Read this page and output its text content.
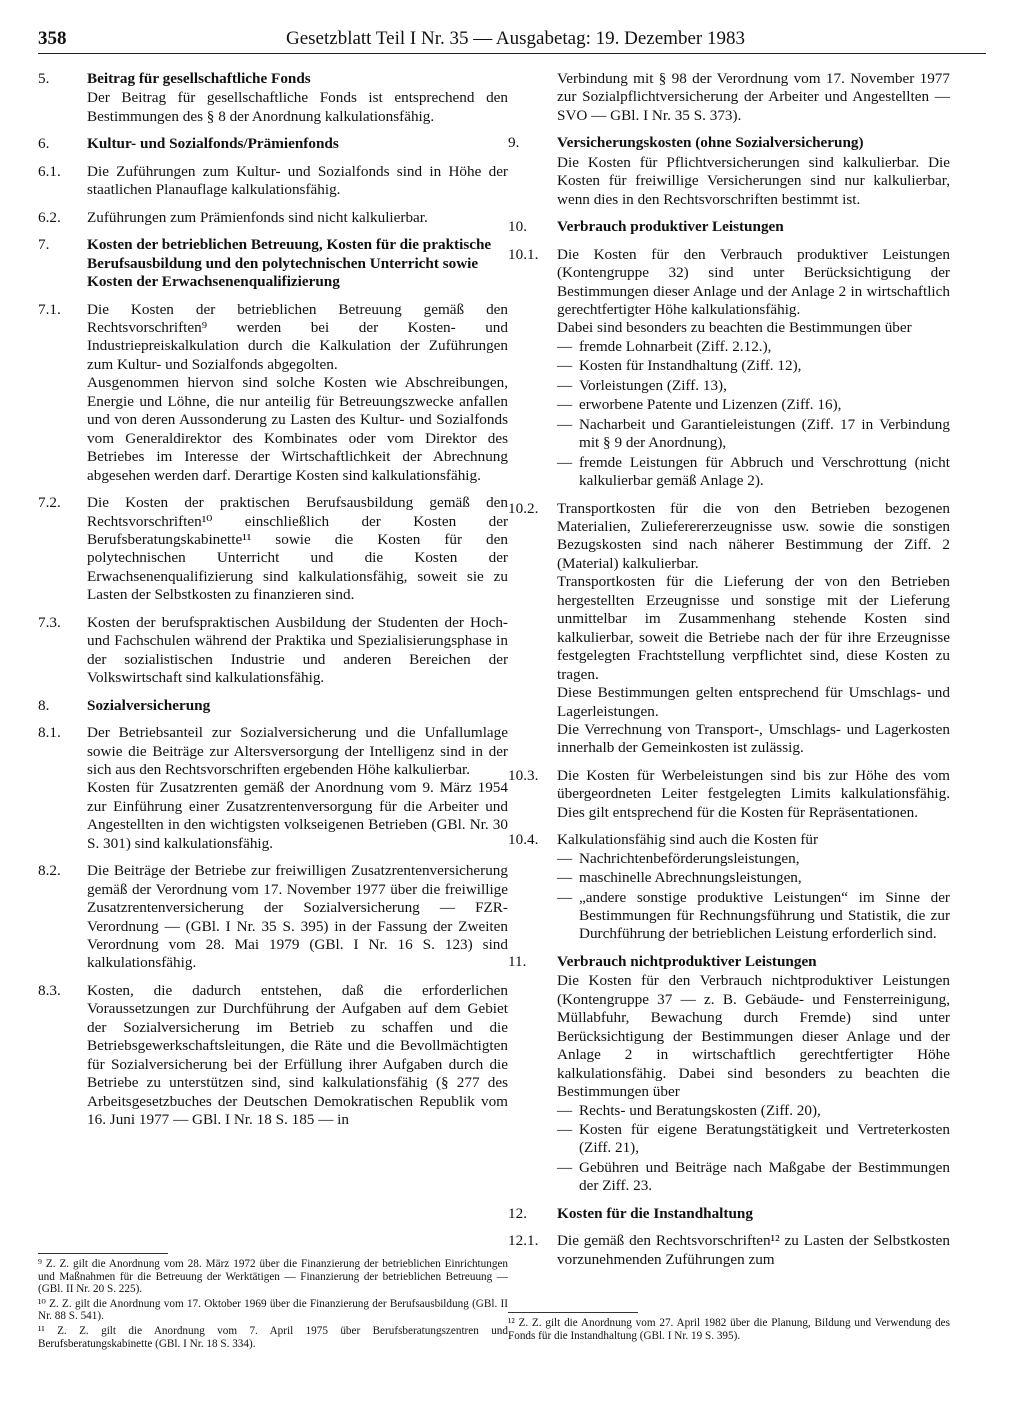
358	Gesetzblatt Teil I Nr. 35 — Ausgabetag: 19. Dezember 1983
5. Beitrag für gesellschaftliche Fonds

Der Beitrag für gesellschaftliche Fonds ist entsprechend den Bestimmungen des § 8 der Anordnung kalkulationsfähig.

6. Kultur- und Sozialfonds/Prämienfonds
6.1. Die Zuführungen zum Kultur- und Sozialfonds sind in Höhe der staatlichen Planauflage kalkulationsfähig.

6.2. Zuführungen zum Prämienfonds sind nicht kalkulierbar.

7. Kosten der betrieblichen Betreuung, Kosten für die praktische Berufsausbildung und den polytechnischen Unterricht sowie Kosten der Erwachsenenqualifizierung
7.1. Die Kosten der betrieblichen Betreuung gemäß den Rechtsvorschriften⁹ werden bei der Kosten- und Industriepreiskalkulation durch die Kalkulation der Zuführungen zum Kultur- und Sozialfonds abgegolten.

Ausgenommen hiervon sind solche Kosten wie Abschreibungen, Energie und Löhne, die nur anteilig für Betreuungszwecke anfallen und von deren Aussonderung zu Lasten des Kultur- und Sozialfonds vom Generaldirektor des Kombinates oder vom Direktor des Betriebes im Interesse der Wirtschaftlichkeit der Abrechnung abgesehen werden darf. Derartige Kosten sind kalkulationsfähig.

7.2. Die Kosten der praktischen Berufsausbildung gemäß den Rechtsvorschriften¹⁰ einschließlich der Kosten der Berufsberatungskabinette¹¹ sowie die Kosten für den polytechnischen Unterricht und die Kosten der Erwachsenenqualifizierung sind kalkulationsfähig, soweit sie zu Lasten der Selbstkosten zu finanzieren sind.

7.3. Kosten der berufspraktischen Ausbildung der Studenten der Hoch- und Fachschulen während der Praktika und Spezialisierungsphase in der sozialistischen Industrie und anderen Bereichen der Volkswirtschaft sind kalkulationsfähig.

8. Sozialversicherung
8.1. Der Betriebsanteil zur Sozialversicherung und die Unfallumlage sowie die Beiträge zur Altersversorgung der Intelligenz sind in der sich aus den Rechtsvorschriften ergebenden Höhe kalkulierbar.

Kosten für Zusatzrenten gemäß der Anordnung vom 9. März 1954 zur Einführung einer Zusatzrentenversorgung für die Arbeiter und Angestellten in den wichtigsten volkseigenen Betrieben (GBl. Nr. 30 S. 301) sind kalkulationsfähig.

8.2. Die Beiträge der Betriebe zur freiwilligen Zusatzrentenversicherung gemäß der Verordnung vom 17. November 1977 über die freiwillige Zusatzrentenversicherung der Sozialversicherung — FZR-Verordnung — (GBl. I Nr. 35 S. 395) in der Fassung der Zweiten Verordnung vom 28. Mai 1979 (GBl. I Nr. 16 S. 123) sind kalkulationsfähig.

8.3. Kosten, die dadurch entstehen, daß die erforderlichen Voraussetzungen zur Durchführung der Aufgaben auf dem Gebiet der Sozialversicherung im Betrieb zu schaffen und die Betriebsgewerkschaftsleitungen, die Räte und die Bevollmächtigten für Sozialversicherung bei der Erfüllung ihrer Aufgaben durch die Betriebe zu unterstützen sind, sind kalkulationsfähig (§ 277 des Arbeitsgesetzbuches der Deutschen Demokratischen Republik vom 16. Juni 1977 — GBl. I Nr. 18 S. 185 — in

Verbindung mit § 98 der Verordnung vom 17. November 1977 zur Sozialpflichtversicherung der Arbeiter und Angestellten — SVO — GBl. I Nr. 35 S. 373).

9. Versicherungskosten (ohne Sozialversicherung)

Die Kosten für Pflichtversicherungen sind kalkulierbar. Die Kosten für freiwillige Versicherungen sind nur kalkulierbar, wenn dies in den Rechtsvorschriften bestimmt ist.

10. Verbrauch produktiver Leistungen
10.1. Die Kosten für den Verbrauch produktiver Leistungen (Kontengruppe 32) sind unter Berücksichtigung der Bestimmungen dieser Anlage und der Anlage 2 in wirtschaftlich gerechtfertigter Höhe kalkulationsfähig.

Dabei sind besonders zu beachten die Bestimmungen über

— fremde Lohnarbeit (Ziff. 2.12.),
— Kosten für Instandhaltung (Ziff. 12),
— Vorleistungen (Ziff. 13),
— erworbene Patente und Lizenzen (Ziff. 16),
— Nacharbeit und Garantieleistungen (Ziff. 17 in Verbindung mit § 9 der Anordnung),
— fremde Leistungen für Abbruch und Verschrottung (nicht kalkulierbar gemäß Anlage 2).
10.2. Transportkosten für die von den Betrieben bezogenen Materialien, Zulieferererzeugnisse usw. sowie die sonstigen Bezugskosten sind nach näherer Bestimmung der Ziff. 2 (Material) kalkulierbar.

Transportkosten für die Lieferung der von den Betrieben hergestellten Erzeugnisse und sonstige mit der Lieferung unmittelbar im Zusammenhang stehende Kosten sind kalkulierbar, soweit die Betriebe nach der für ihre Erzeugnisse festgelegten Frachtstellung verpflichtet sind, diese Kosten zu tragen.

Diese Bestimmungen gelten entsprechend für Umschlags- und Lagerleistungen.

Die Verrechnung von Transport-, Umschlags- und Lagerkosten innerhalb der Gemeinkosten ist zulässig.

10.3. Die Kosten für Werbeleistungen sind bis zur Höhe des vom übergeordneten Leiter festgelegten Limits kalkulationsfähig. Dies gilt entsprechend für die Kosten für Repräsentationen.

10.4. Kalkulationsfähig sind auch die Kosten für

— Nachrichtenbeförderungsleistungen,
— maschinelle Abrechnungsleistungen,
— „andere sonstige produktive Leistungen“ im Sinne der Bestimmungen für Rechnungsführung und Statistik, die zur Durchführung der betrieblichen Leistung erforderlich sind.
11. Verbrauch nichtproduktiver Leistungen

Die Kosten für den Verbrauch nichtproduktiver Leistungen (Kontengruppe 37 — z. B. Gebäude- und Fensterreinigung, Müllabfuhr, Bewachung durch Fremde) sind unter Berücksichtigung der Bestimmungen dieser Anlage und der Anlage 2 in wirtschaftlich gerechtfertigter Höhe kalkulationsfähig. Dabei sind besonders zu beachten die Bestimmungen über

— Rechts- und Beratungskosten (Ziff. 20),
— Kosten für eigene Beratungstätigkeit und Vertreterkosten (Ziff. 21),
— Gebühren und Beiträge nach Maßgabe der Bestimmungen der Ziff. 23.
12. Kosten für die Instandhaltung
12.1. Die gemäß den Rechtsvorschriften¹² zu Lasten der Selbstkosten vorzunehmenden Zuführungen zum

⁹ Z. Z. gilt die Anordnung vom 28. März 1972 über die Finanzierung der betrieblichen Einrichtungen und Maßnahmen für die Betreuung der Werktätigen — Finanzierung der betrieblichen Betreuung — (GBl. II Nr. 20 S. 225).
¹⁰ Z. Z. gilt die Anordnung vom 17. Oktober 1969 über die Finanzierung der Berufsausbildung (GBl. II Nr. 88 S. 541).
¹¹ Z. Z. gilt die Anordnung vom 7. April 1975 über Berufsberatungszentren und Berufsberatungskabinette (GBl. I Nr. 18 S. 334).
¹² Z. Z. gilt die Anordnung vom 27. April 1982 über die Planung, Bildung und Verwendung des Fonds für die Instandhaltung (GBl. I Nr. 19 S. 395).
